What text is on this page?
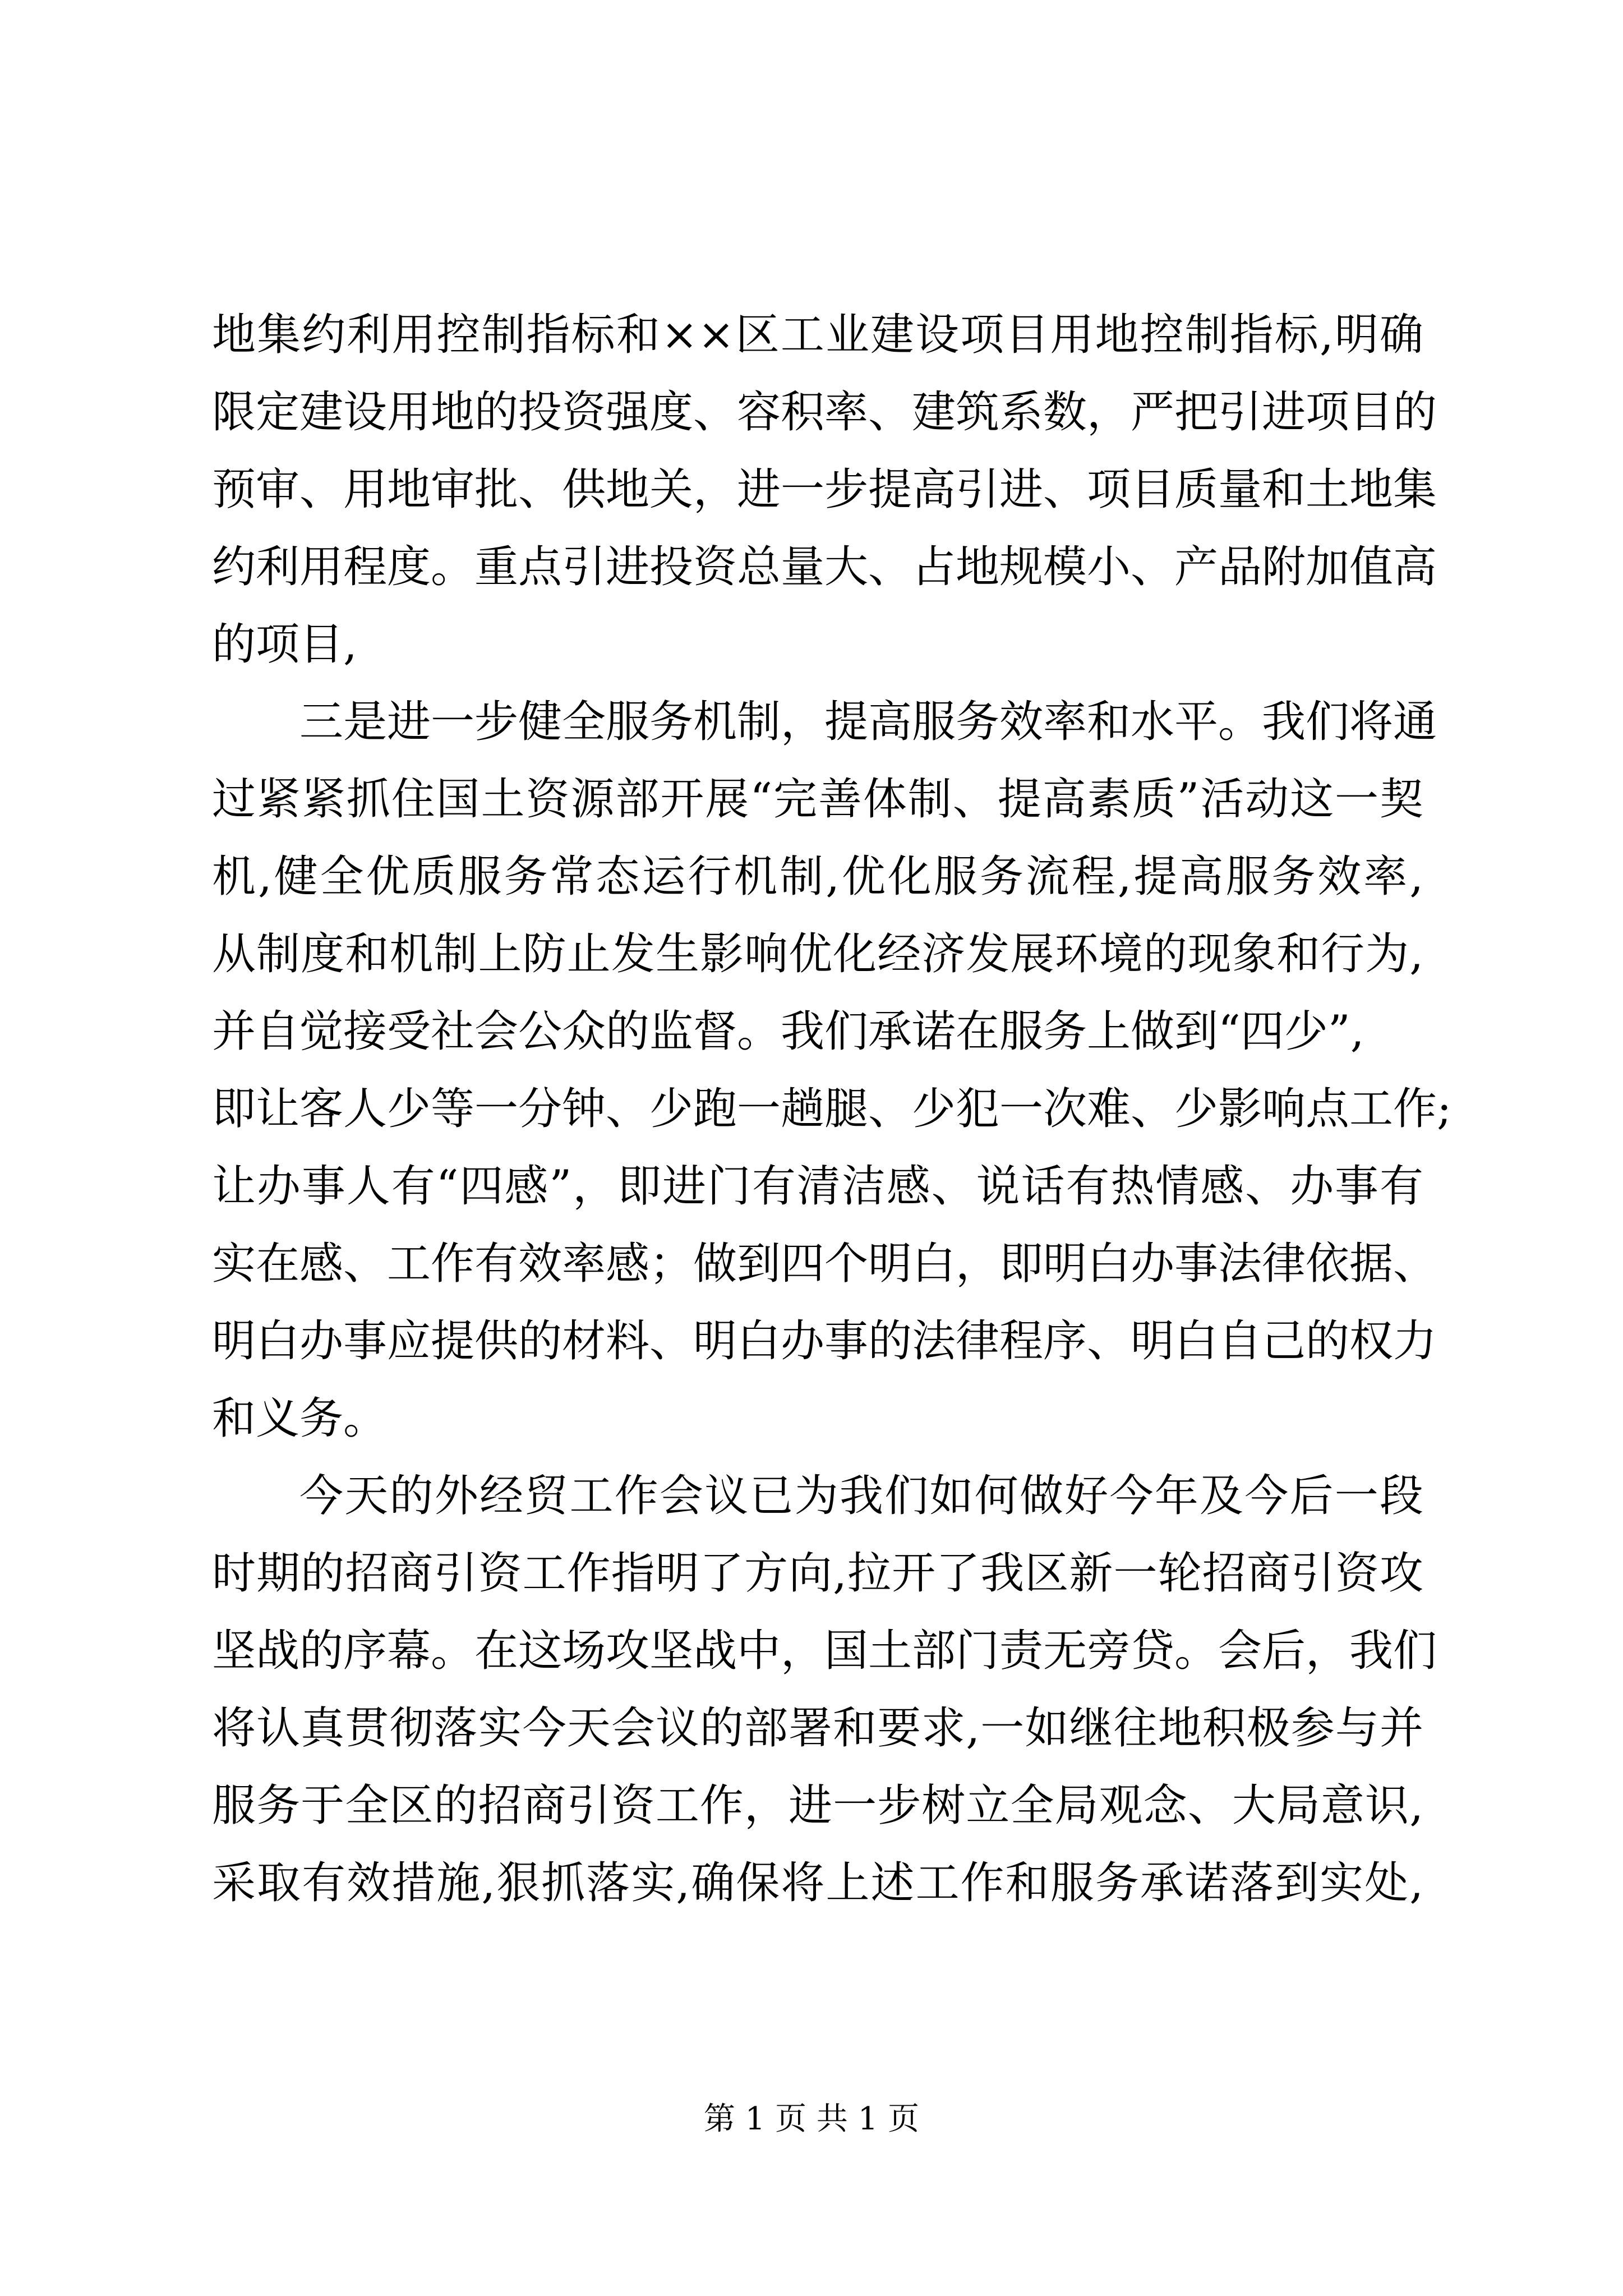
地集约利用控制指标和××区工业建设项目用地控制指标,明确
限定建设用地的投资强度、容积率、建筑系数，严把引进项目的
预审、用地审批、供地关，进一步提高引进、项目质量和土地集
约利用程度。重点引进投资总量大、占地规模小、产品附加值高
的项目,
三是进一步健全服务机制，提高服务效率和水平。我们将通
过紧紧抓住国土资源部开展“完善体制、提高素质”活动这一契
机,健全优质服务常态运行机制,优化服务流程,提高服务效率,
从制度和机制上防止发生影响优化经济发展环境的现象和行为,
并自觉接受社会公众的监督。我们承诺在服务上做到“四少”,
即让客人少等一分钟、少跑一趟腿、少犯一次难、少影响点工作;
让办事人有“四感”，即进门有清洁感、说话有热情感、办事有
实在感、工作有效率感；做到四个明白，即明白办事法律依据、
明白办事应提供的材料、明白办事的法律程序、明白自己的权力
和义务。
今天的外经贸工作会议已为我们如何做好今年及今后一段
时期的招商引资工作指明了方向,拉开了我区新一轮招商引资攻
坚战的序幕。在这场攻坚战中，国土部门责无旁贷。会后，我们
将认真贯彻落实今天会议的部署和要求,一如继往地积极参与并
服务于全区的招商引资工作，进一步树立全局观念、大局意识,
采取有效措施,狠抓落实,确保将上述工作和服务承诺落到实处,
第 1 页 共 1 页
